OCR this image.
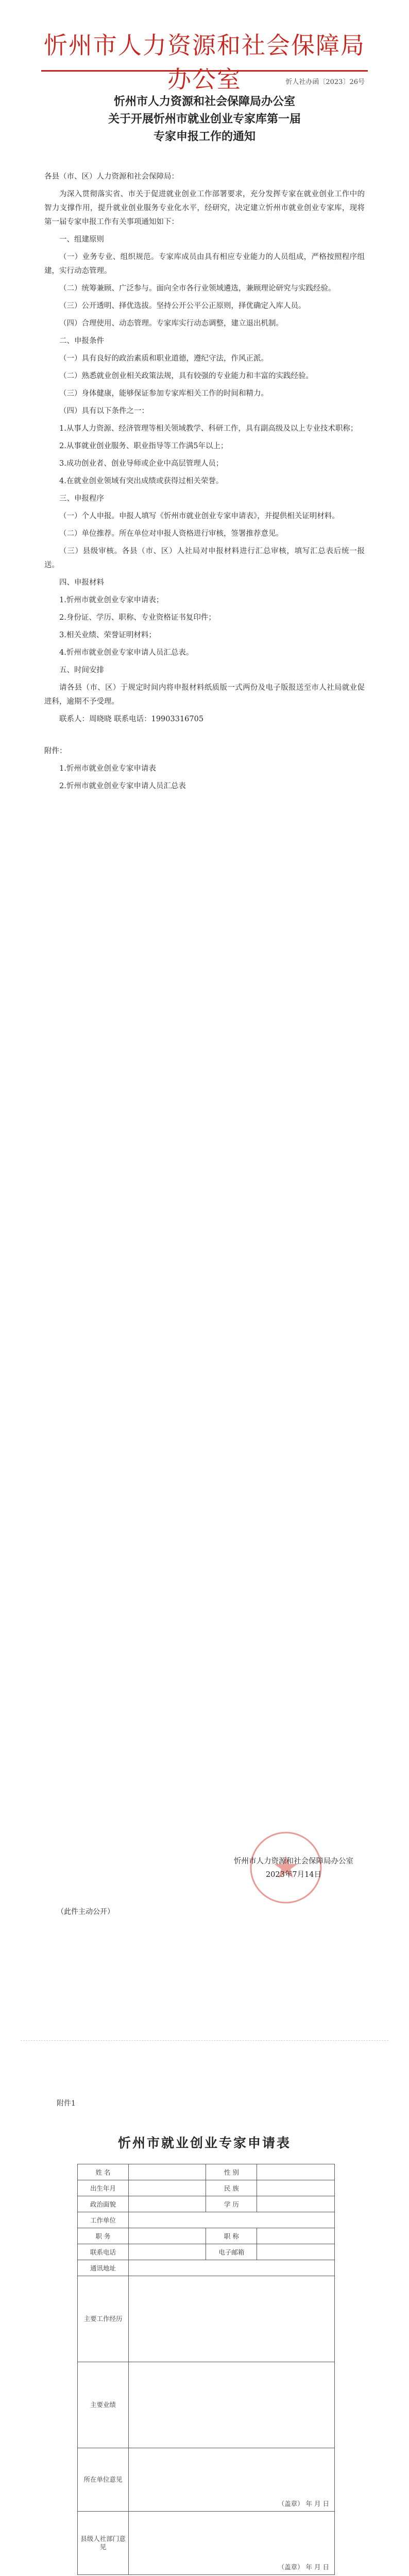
忻州市人力资源和社会保障局办公室	忻人社办函〔2023〕26号
忻州市人力资源和社会保障局办公室
关于开展忻州市就业创业专家库第一届
专家申报工作的通知

各县（市、区）人力资源和社会保障局：

为深入贯彻落实省、市关于促进就业创业工作部署要求，充分发挥专家在就业创业工作中的智力支撑作用，提升就业创业服务专业化水平，经研究，决定建立忻州市就业创业专家库，现将第一届专家申报工作有关事项通知如下：

一、组建原则

（一）业务专业、组织规范。专家库成员由具有相应专业能力的人员组成，严格按照程序组建，实行动态管理。

（二）统筹兼顾、广泛参与。面向全市各行业领域遴选，兼顾理论研究与实践经验。

（三）公开透明、择优选拔。坚持公开公平公正原则，择优确定入库人员。

（四）合理使用、动态管理。专家库实行动态调整，建立退出机制。

二、申报条件

（一）具有良好的政治素质和职业道德，遵纪守法，作风正派。

（二）熟悉就业创业相关政策法规，具有较强的专业能力和丰富的实践经验。

（三）身体健康，能够保证参加专家库相关工作的时间和精力。

（四）具有以下条件之一：

1.从事人力资源、经济管理等相关领域教学、科研工作，具有副高级及以上专业技术职称；

2.从事就业创业服务、职业指导等工作满5年以上；

3.成功创业者、创业导师或企业中高层管理人员；

4.在就业创业领域有突出成绩或获得过相关荣誉。

三、申报程序

（一）个人申报。申报人填写《忻州市就业创业专家申请表》，并提供相关证明材料。

（二）单位推荐。所在单位对申报人资格进行审核，签署推荐意见。

（三）县级审核。各县（市、区）人社局对申报材料进行汇总审核，填写汇总表后统一报送。

四、申报材料

1.忻州市就业创业专家申请表；

2.身份证、学历、职称、专业资格证书复印件；

3.相关业绩、荣誉证明材料；

4.忻州市就业创业专家申请人员汇总表。

五、时间安排

请各县（市、区）于规定时间内将申报材料纸质版一式两份及电子版报送至市人社局就业促进科，逾期不予受理。

联系人：周晓晓 联系电话：19903316705

附件：

1.忻州市就业创业专家申请表

2.忻州市就业创业专家申请人员汇总表

忻州市人力资源和社会保障局办公室
2023年7月14日
（此件主动公开）
附件1
忻州市就业创业专家申请表
姓 名		性 别	
出生年月		民 族	
政治面貌		学 历	
工作单位			
职 务		职 称	
联系电话		电子邮箱	
通讯地址			
主要工作经历			
主要业绩			
所在单位意见	（盖章） 年 月 日		
县级人社部门意见	（盖章） 年 月 日		
